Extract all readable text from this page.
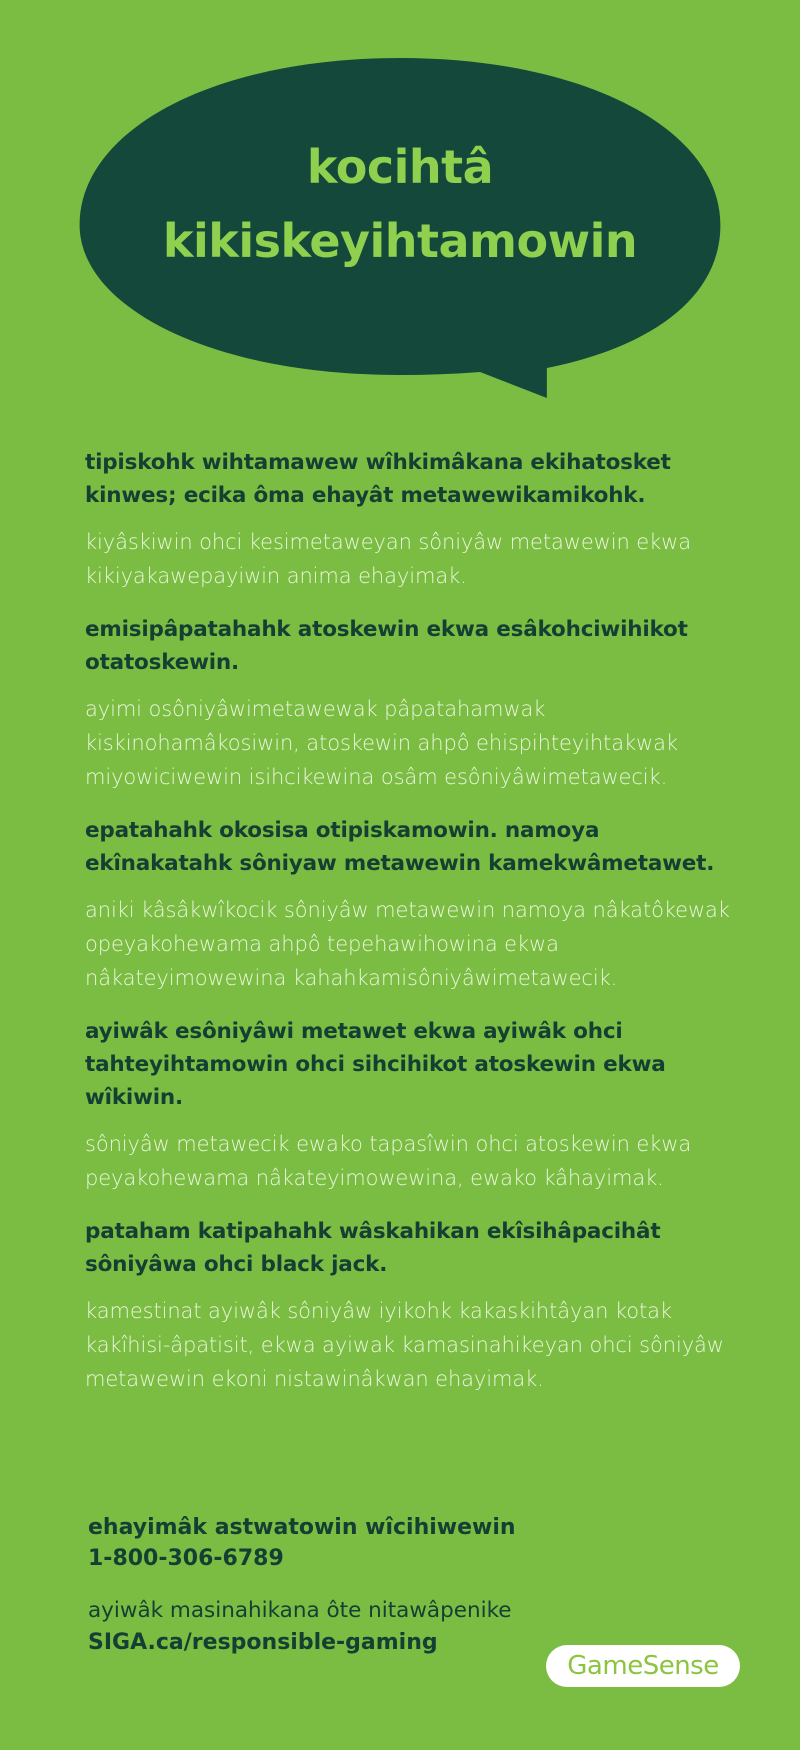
kocihtâ
kikiskeyihtamowin

tipiskohk wihtamawew wîhkimâkana ekihatosket kinwes; ecika ôma ehayât metawewikamikohk.

kiyâskiwin ohci kesimetaweyan sôniyâw metawewin ekwa kikiyakawepayiwin anima ehayimak.

emisipâpatahahk atoskewin ekwa esâkohciwihikot otatoskewin.

ayimi osôniyâwimetawewak pâpatahamwak kiskinohamâkosiwin, atoskewin ahpô ehispihteyihtakwak miyowiciwewin isihcikewina osâm esôniyâwimetawecik.

epatahahk okosisa otipiskamowin. namoya ekînakatahk sôniyaw metawewin kamekwâmetawet.

aniki kâsâkwîkocik sôniyâw metawewin namoya nâkatôkewak opeyakohewama ahpô tepehawihowina ekwa nâkateyimowewina kahahkamisôniyâwimetawecik.

ayiwâk esôniyâwi metawet ekwa ayiwâk ohci tahteyihtamowin ohci sihcihikot atoskewin ekwa wîkiwin.

sôniyâw metawecik ewako tapasîwin ohci atoskewin ekwa peyakohewama nâkateyimowewina, ewako kâhayimak.

pataham katipahahk wâskahikan ekîsihâpacihât sôniyâwa ohci black jack.

kamestinat ayiwâk sôniyâw iyikohk kakaskihtâyan kotak kakîhisi-âpatisit, ekwa ayiwak kamasinahikeyan ohci sôniyâw metawewin ekoni nistawinâkwan ehayimak.

ehayimâk astwatowin wîcihiwewin
1-800-306-6789
ayiwâk masinahikana ôte nitawâpenike
SIGA.ca/responsible-gaming
Game Sense
